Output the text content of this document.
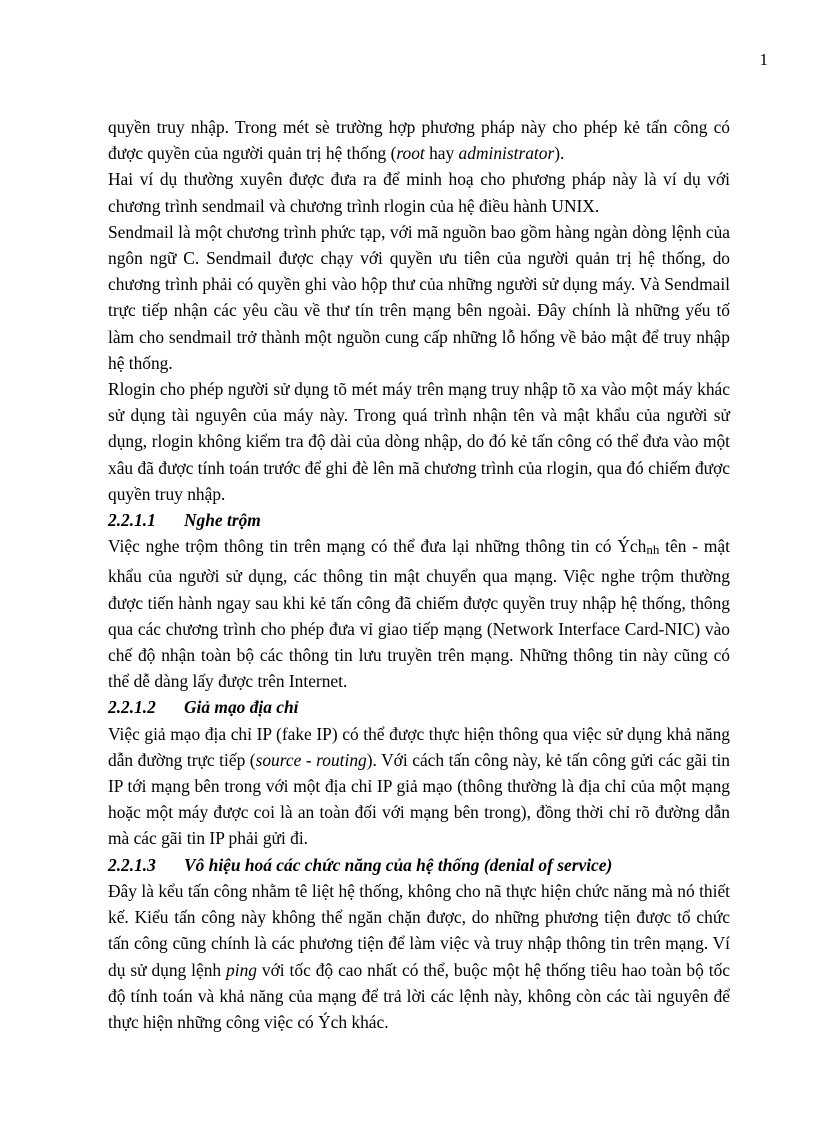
1

quyền truy nhập. Trong mét sè trường hợp phương pháp này cho phép kẻ tấn công có được quyền của người quản trị hệ thống (root hay administrator).

Hai ví dụ thường xuyên được đưa ra để minh hoạ cho phương pháp này là ví dụ với chương trình sendmail và chương trình rlogin của hệ điều hành UNIX.

Sendmail là một chương trình phức tạp, với mã nguồn bao gồm hàng ngàn dòng lệnh của ngôn ngữ C. Sendmail được chạy với quyền ưu tiên của người quản trị hệ thống, do chương trình phải có quyền ghi vào hộp thư của những người sử dụng máy. Và Sendmail trực tiếp nhận các yêu cầu về thư tín trên mạng bên ngoài. Đây chính là những yếu tố làm cho sendmail trở thành một nguồn cung cấp những lỗ hổng về bảo mật để truy nhập hệ thống.

Rlogin cho phép người sử dụng tõ mét máy trên mạng truy nhập tõ xa vào một máy khác sử dụng tài nguyên của máy này. Trong quá trình nhận tên và mật khẩu của người sử dụng, rlogin không kiểm tra độ dài của dòng nhập, do đó kẻ tấn công có thể đưa vào một xâu đã được tính toán trước để ghi đè lên mã chương trình của rlogin, qua đó chiếm được quyền truy nhập.

2.2.1.1	Nghe trộm

Việc nghe trộm thông tin trên mạng có thể đưa lại những thông tin có Ých$_{nh}$ tên - mật khẩu của người sử dụng, các thông tin mật chuyển qua mạng. Việc nghe trộm thường được tiến hành ngay sau khi kẻ tấn công đã chiếm được quyền truy nhập hệ thống, thông qua các chương trình cho phép đưa vỉ giao tiếp mạng (Network Interface Card-NIC) vào chế độ nhận toàn bộ các thông tin lưu truyền trên mạng. Những thông tin này cũng có thể dễ dàng lấy được trên Internet.

2.2.1.2	Giả mạo địa chỉ

Việc giả mạo địa chỉ IP (fake IP) có thể được thực hiện thông qua việc sử dụng khả năng dẫn đường trực tiếp (source - routing). Với cách tấn công này, kẻ tấn công gửi các gãi tin IP tới mạng bên trong với một địa chỉ IP giả mạo (thông thường là địa chỉ của một mạng hoặc một máy được coi là an toàn đối với mạng bên trong), đồng thời chỉ rõ đường dẫn mà các gãi tin IP phải gửi đi.

2.2.1.3	Vô hiệu hoá các chức năng của hệ thống (denial of service)

Đây là kểu tấn công nhằm tê liệt hệ thống, không cho nã thực hiện chức năng mà nó thiết kế. Kiểu tấn công này không thể ngăn chặn được, do những phương tiện được tổ chức tấn công cũng chính là các phương tiện để làm việc và truy nhập thông tin trên mạng. Ví dụ sử dụng lệnh ping với tốc độ cao nhất có thể, buộc một hệ thống tiêu hao toàn bộ tốc độ tính toán và khả năng của mạng để trả lời các lệnh này, không còn các tài nguyên để thực hiện những công việc có Ých khác.
